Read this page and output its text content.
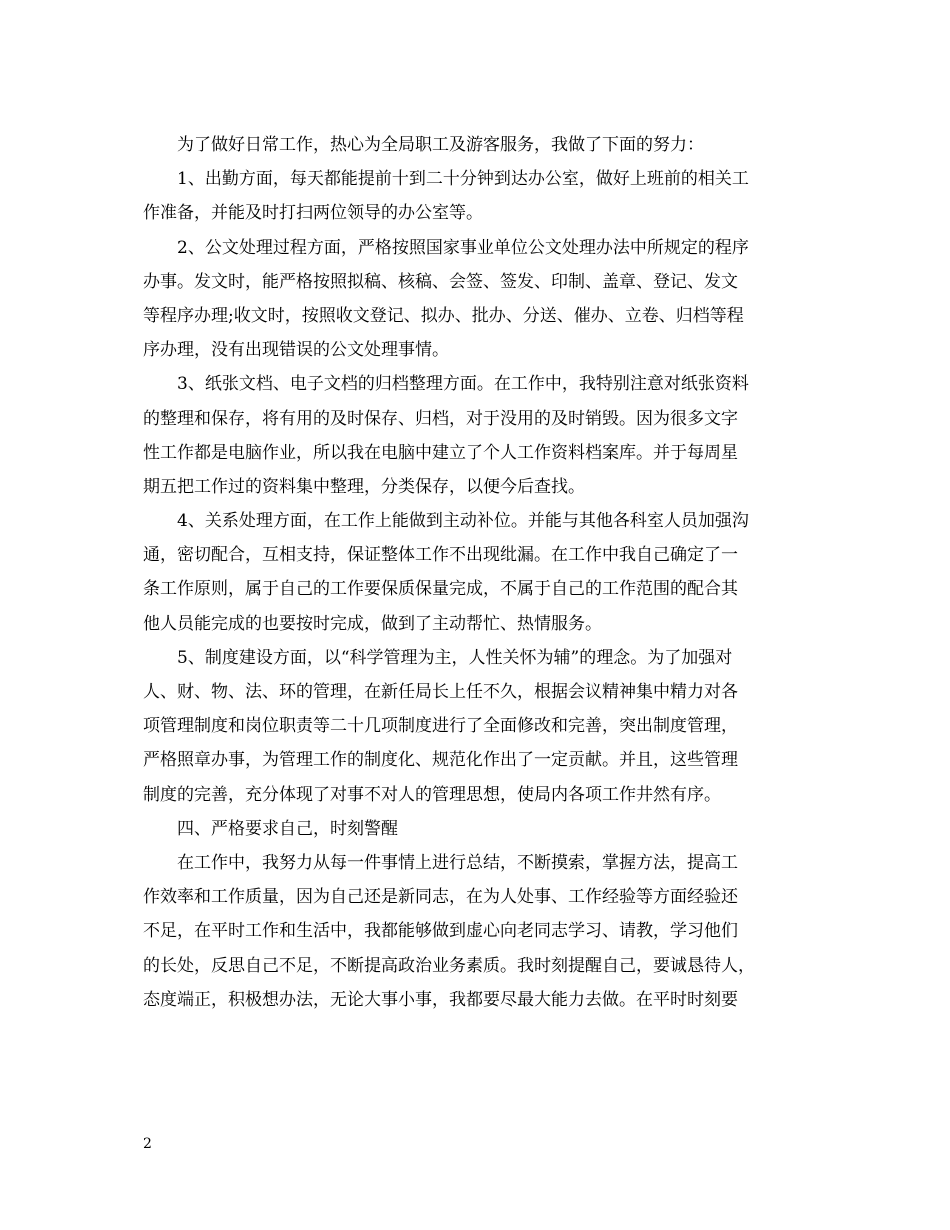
为了做好日常工作，热心为全局职工及游客服务，我做了下面的努力：
1、出勤方面，每天都能提前十到二十分钟到达办公室，做好上班前的相关工
作准备，并能及时打扫两位领导的办公室等。
2、公文处理过程方面，严格按照国家事业单位公文处理办法中所规定的程序
办事。发文时，能严格按照拟稿、核稿、会签、签发、印制、盖章、登记、发文
等程序办理;收文时，按照收文登记、拟办、批办、分送、催办、立卷、归档等程
序办理，没有出现错误的公文处理事情。
3、纸张文档、电子文档的归档整理方面。在工作中，我特别注意对纸张资料
的整理和保存，将有用的及时保存、归档，对于没用的及时销毁。因为很多文字
性工作都是电脑作业，所以我在电脑中建立了个人工作资料档案库。并于每周星
期五把工作过的资料集中整理，分类保存，以便今后查找。
4、关系处理方面，在工作上能做到主动补位。并能与其他各科室人员加强沟
通，密切配合，互相支持，保证整体工作不出现纰漏。在工作中我自己确定了一
条工作原则，属于自己的工作要保质保量完成，不属于自己的工作范围的配合其
他人员能完成的也要按时完成，做到了主动帮忙、热情服务。
5、制度建设方面，以“科学管理为主，人性关怀为辅”的理念。为了加强对
人、财、物、法、环的管理，在新任局长上任不久，根据会议精神集中精力对各
项管理制度和岗位职责等二十几项制度进行了全面修改和完善，突出制度管理，
严格照章办事，为管理工作的制度化、规范化作出了一定贡献。并且，这些管理
制度的完善，充分体现了对事不对人的管理思想，使局内各项工作井然有序。
四、严格要求自己，时刻警醒
在工作中，我努力从每一件事情上进行总结，不断摸索，掌握方法，提高工
作效率和工作质量，因为自己还是新同志，在为人处事、工作经验等方面经验还
不足，在平时工作和生活中，我都能够做到虚心向老同志学习、请教，学习他们
的长处，反思自己不足，不断提高政治业务素质。我时刻提醒自己，要诚恳待人，
态度端正，积极想办法，无论大事小事，我都要尽最大能力去做。在平时时刻要
2
